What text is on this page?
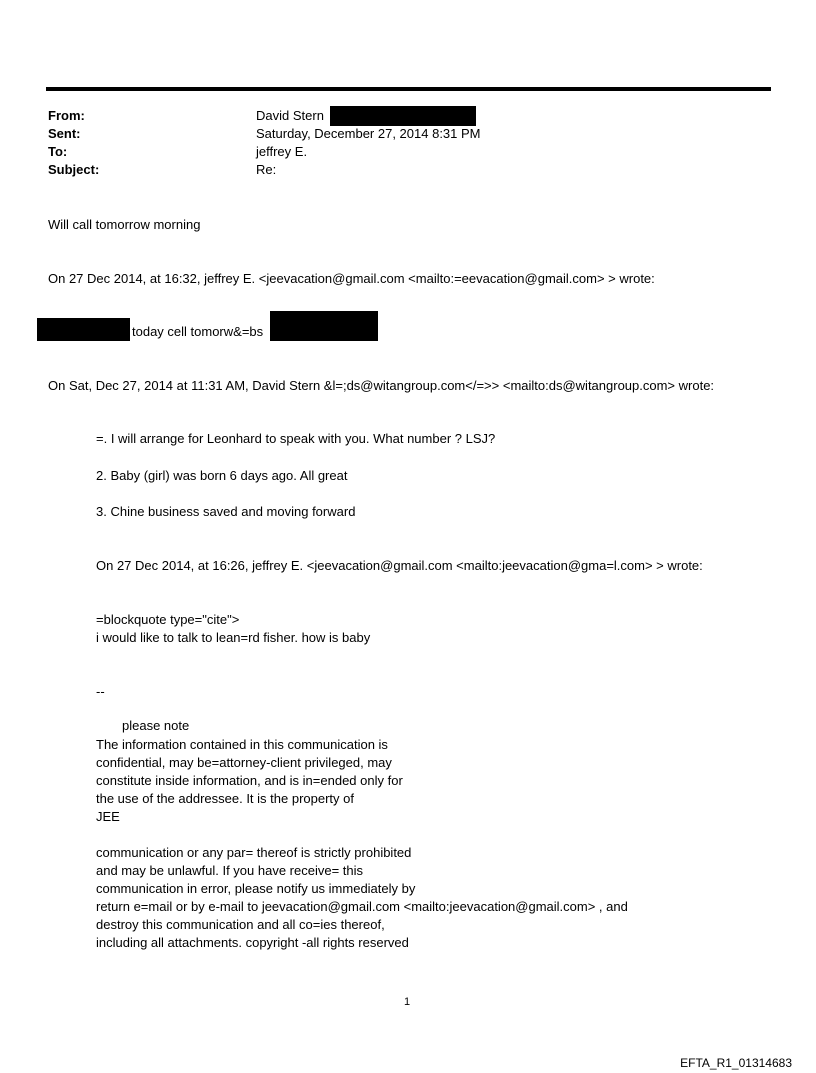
From:	David Stern
Sent:	Saturday, December 27, 2014 8:31 PM
To:	jeffrey E.
Subject:	Re:
Will call tomorrow morning
On 27 Dec 2014, at 16:32, jeffrey E. <jeevacation@gmail.com <mailto:=eevacation@gmail.com> > wrote:
today cell tomorw&=bs
On Sat, Dec 27, 2014 at 11:31 AM, David Stern &l=;ds@witangroup.com</=>> <mailto:ds@witangroup.com> wrote:
=. I will arrange for Leonhard to speak with you. What number ? LSJ?
2. Baby (girl) was born 6 days ago. All great
3. Chine business saved and moving forward
On 27 Dec 2014, at 16:26, jeffrey E. <jeevacation@gmail.com <mailto:jeevacation@gma=l.com> > wrote:
=blockquote type="cite">
i would like to talk to lean=rd fisher. how is baby
--
please note
The information contained in this communication is
confidential, may be=attorney-client privileged, may
constitute inside information, and is in=ended only for
the use of the addressee. It is the property of
JEE
communication or any par= thereof is strictly prohibited
and may be unlawful. If you have receive= this
communication in error, please notify us immediately by
return e=mail or by e-mail to jeevacation@gmail.com <mailto:jeevacation@gmail.com> , and
destroy this communication and all co=ies thereof,
including all attachments. copyright -all rights reserved
1
EFTA_R1_01314683
